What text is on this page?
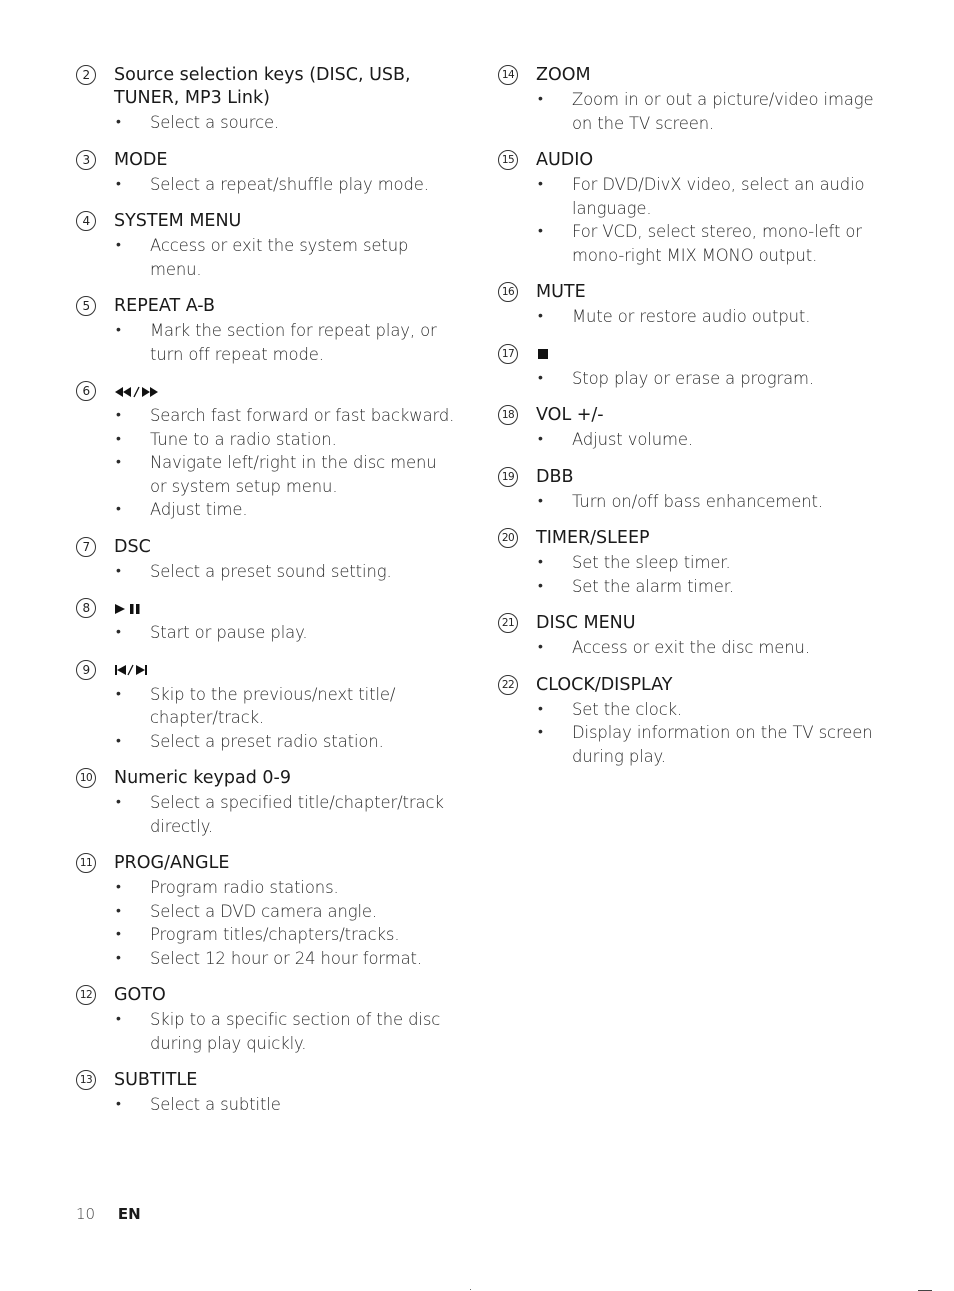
2	Source selection keys (DISC, USB, TUNER, MP3 Link)
• Select a source.
3	MODE
• Select a repeat/shuffle play mode.
4	SYSTEM MENU
• Access or exit the system setup menu.
5	REPEAT A-B
• Mark the section for repeat play, or turn off repeat mode.
6
• Search fast forward or fast backward.
• Tune to a radio station.
• Navigate left/right in the disc menu or system setup menu.
• Adjust time.
7	DSC
• Select a preset sound setting.
8
• Start or pause play.
9
• Skip to the previous/next title/ chapter/track.
• Select a preset radio station.
10 Numeric keypad 0-9
• Select a specified title/chapter/track directly.
11 PROG/ANGLE
• Program radio stations.
• Select a DVD camera angle.
• Program titles/chapters/tracks.
• Select 12 hour or 24 hour format.
12 GOTO
• Skip to a specific section of the disc during play quickly.
13 SUBTITLE
• Select a subtitle
14 ZOOM
• Zoom in or out a picture/video image on the TV screen.
15 AUDIO
• For DVD/DivX video, select an audio language.
• For VCD, select stereo, mono-left or mono-right MIX MONO output.
16 MUTE
• Mute or restore audio output.
17
• Stop play or erase a program.
18 VOL +/-
• Adjust volume.
19 DBB
• Turn on/off bass enhancement.
20 TIMER/SLEEP
• Set the sleep timer.
• Set the alarm timer.
21 DISC MENU
• Access or exit the disc menu.
22 CLOCK/DISPLAY
• Set the clock.
• Display information on the TV screen during play.
10 EN
